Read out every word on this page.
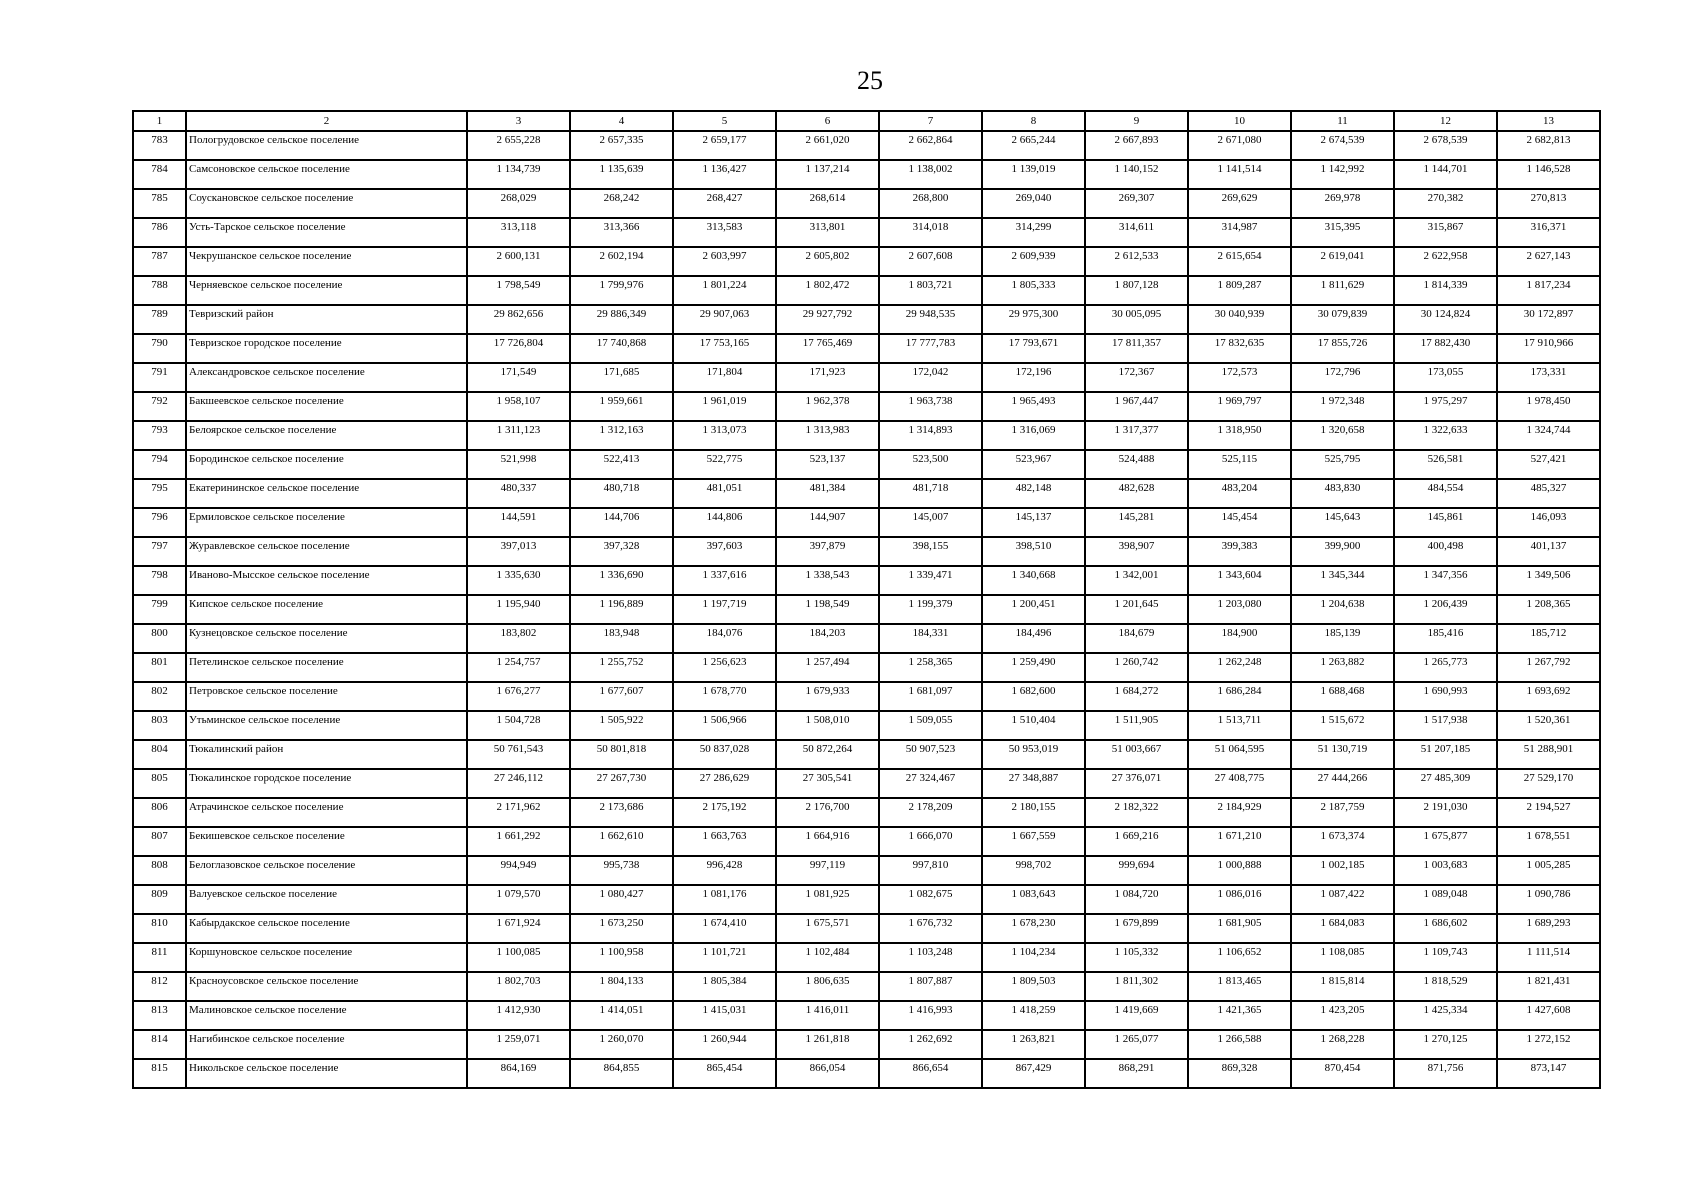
25
1	2	3	4	5	6	7	8	9	10	11	12	13
783	Пологрудовское сельское поселение	2 655,228	2 657,335	2 659,177	2 661,020	2 662,864	2 665,244	2 667,893	2 671,080	2 674,539	2 678,539	2 682,813
784	Самсоновское сельское поселение	1 134,739	1 135,639	1 136,427	1 137,214	1 138,002	1 139,019	1 140,152	1 141,514	1 142,992	1 144,701	1 146,528
785	Соускановское сельское поселение	268,029	268,242	268,427	268,614	268,800	269,040	269,307	269,629	269,978	270,382	270,813
786	Усть-Тарское сельское поселение	313,118	313,366	313,583	313,801	314,018	314,299	314,611	314,987	315,395	315,867	316,371
787	Чекрушанское сельское поселение	2 600,131	2 602,194	2 603,997	2 605,802	2 607,608	2 609,939	2 612,533	2 615,654	2 619,041	2 622,958	2 627,143
788	Черняевское сельское поселение	1 798,549	1 799,976	1 801,224	1 802,472	1 803,721	1 805,333	1 807,128	1 809,287	1 811,629	1 814,339	1 817,234
789	Тевризский район	29 862,656	29 886,349	29 907,063	29 927,792	29 948,535	29 975,300	30 005,095	30 040,939	30 079,839	30 124,824	30 172,897
790	Тевризское городское поселение	17 726,804	17 740,868	17 753,165	17 765,469	17 777,783	17 793,671	17 811,357	17 832,635	17 855,726	17 882,430	17 910,966
791	Александровское сельское поселение	171,549	171,685	171,804	171,923	172,042	172,196	172,367	172,573	172,796	173,055	173,331
792	Бакшеевское сельское поселение	1 958,107	1 959,661	1 961,019	1 962,378	1 963,738	1 965,493	1 967,447	1 969,797	1 972,348	1 975,297	1 978,450
793	Белоярское сельское поселение	1 311,123	1 312,163	1 313,073	1 313,983	1 314,893	1 316,069	1 317,377	1 318,950	1 320,658	1 322,633	1 324,744
794	Бородинское сельское поселение	521,998	522,413	522,775	523,137	523,500	523,967	524,488	525,115	525,795	526,581	527,421
795	Екатерининское сельское поселение	480,337	480,718	481,051	481,384	481,718	482,148	482,628	483,204	483,830	484,554	485,327
796	Ермиловское сельское поселение	144,591	144,706	144,806	144,907	145,007	145,137	145,281	145,454	145,643	145,861	146,093
797	Журавлевское сельское поселение	397,013	397,328	397,603	397,879	398,155	398,510	398,907	399,383	399,900	400,498	401,137
798	Иваново-Мысское сельское поселение	1 335,630	1 336,690	1 337,616	1 338,543	1 339,471	1 340,668	1 342,001	1 343,604	1 345,344	1 347,356	1 349,506
799	Кипское сельское поселение	1 195,940	1 196,889	1 197,719	1 198,549	1 199,379	1 200,451	1 201,645	1 203,080	1 204,638	1 206,439	1 208,365
800	Кузнецовское сельское поселение	183,802	183,948	184,076	184,203	184,331	184,496	184,679	184,900	185,139	185,416	185,712
801	Петелинское сельское поселение	1 254,757	1 255,752	1 256,623	1 257,494	1 258,365	1 259,490	1 260,742	1 262,248	1 263,882	1 265,773	1 267,792
802	Петровское сельское поселение	1 676,277	1 677,607	1 678,770	1 679,933	1 681,097	1 682,600	1 684,272	1 686,284	1 688,468	1 690,993	1 693,692
803	Утьминское сельское поселение	1 504,728	1 505,922	1 506,966	1 508,010	1 509,055	1 510,404	1 511,905	1 513,711	1 515,672	1 517,938	1 520,361
804	Тюкалинский район	50 761,543	50 801,818	50 837,028	50 872,264	50 907,523	50 953,019	51 003,667	51 064,595	51 130,719	51 207,185	51 288,901
805	Тюкалинское городское поселение	27 246,112	27 267,730	27 286,629	27 305,541	27 324,467	27 348,887	27 376,071	27 408,775	27 444,266	27 485,309	27 529,170
806	Атрачинское сельское поселение	2 171,962	2 173,686	2 175,192	2 176,700	2 178,209	2 180,155	2 182,322	2 184,929	2 187,759	2 191,030	2 194,527
807	Бекишевское сельское поселение	1 661,292	1 662,610	1 663,763	1 664,916	1 666,070	1 667,559	1 669,216	1 671,210	1 673,374	1 675,877	1 678,551
808	Белоглазовское сельское поселение	994,949	995,738	996,428	997,119	997,810	998,702	999,694	1 000,888	1 002,185	1 003,683	1 005,285
809	Валуевское сельское поселение	1 079,570	1 080,427	1 081,176	1 081,925	1 082,675	1 083,643	1 084,720	1 086,016	1 087,422	1 089,048	1 090,786
810	Кабырдакское сельское поселение	1 671,924	1 673,250	1 674,410	1 675,571	1 676,732	1 678,230	1 679,899	1 681,905	1 684,083	1 686,602	1 689,293
811	Коршуновское сельское поселение	1 100,085	1 100,958	1 101,721	1 102,484	1 103,248	1 104,234	1 105,332	1 106,652	1 108,085	1 109,743	1 111,514
812	Красноусовское сельское поселение	1 802,703	1 804,133	1 805,384	1 806,635	1 807,887	1 809,503	1 811,302	1 813,465	1 815,814	1 818,529	1 821,431
813	Малиновское сельское поселение	1 412,930	1 414,051	1 415,031	1 416,011	1 416,993	1 418,259	1 419,669	1 421,365	1 423,205	1 425,334	1 427,608
814	Нагибинское сельское поселение	1 259,071	1 260,070	1 260,944	1 261,818	1 262,692	1 263,821	1 265,077	1 266,588	1 268,228	1 270,125	1 272,152
815	Никольское сельское поселение	864,169	864,855	865,454	866,054	866,654	867,429	868,291	869,328	870,454	871,756	873,147
